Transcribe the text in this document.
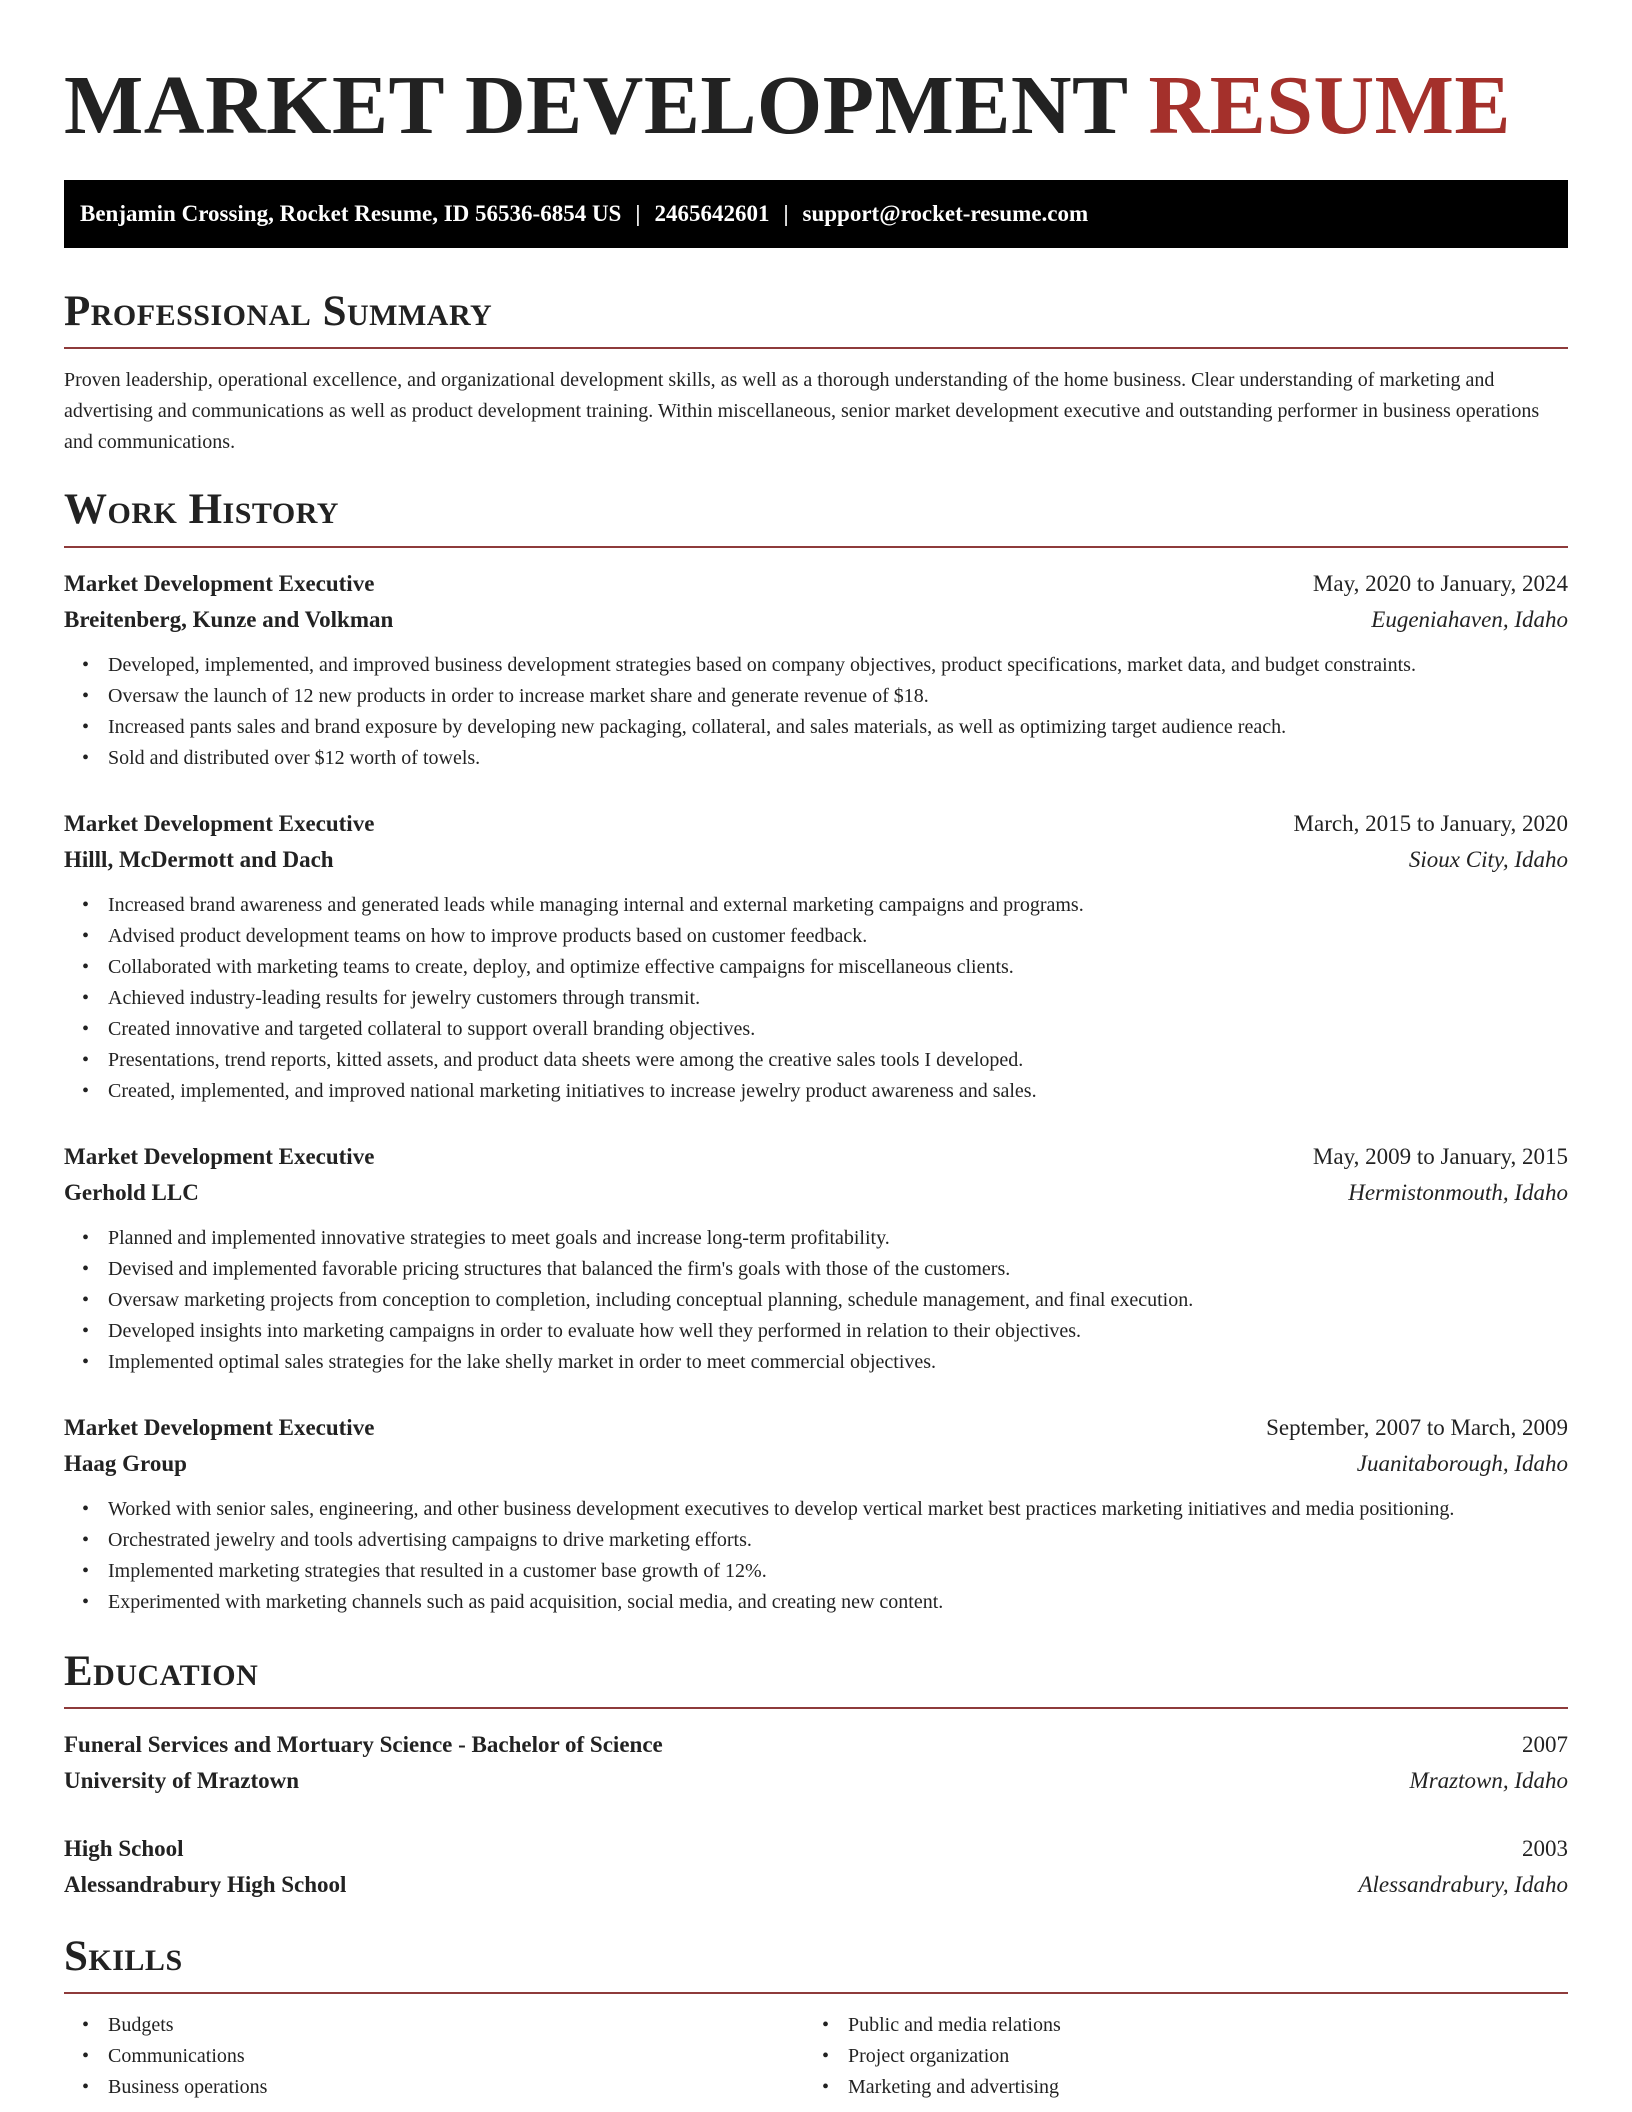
MARKET DEVELOPMENT RESUME
Benjamin Crossing, Rocket Resume, ID 56536-6854 US | 2465642601 | support@rocket-resume.com
Professional Summary

Proven leadership, operational excellence, and organizational development skills, as well as a thorough understanding of the home business. Clear understanding of marketing and advertising and communications as well as product development training. Within miscellaneous, senior market development executive and outstanding performer in business operations and communications.

Work History
Market Development Executive	May, 2020 to January, 2024
Breitenberg, Kunze and Volkman	Eugeniahaven, Idaho
• Developed, implemented, and improved business development strategies based on company objectives, product specifications, market data, and budget constraints.
• Oversaw the launch of 12 new products in order to increase market share and generate revenue of $18.
• Increased pants sales and brand exposure by developing new packaging, collateral, and sales materials, as well as optimizing target audience reach.
• Sold and distributed over $12 worth of towels.
Market Development Executive	March, 2015 to January, 2020
Hilll, McDermott and Dach	Sioux City, Idaho
• Increased brand awareness and generated leads while managing internal and external marketing campaigns and programs.
• Advised product development teams on how to improve products based on customer feedback.
• Collaborated with marketing teams to create, deploy, and optimize effective campaigns for miscellaneous clients.
• Achieved industry-leading results for jewelry customers through transmit.
• Created innovative and targeted collateral to support overall branding objectives.
• Presentations, trend reports, kitted assets, and product data sheets were among the creative sales tools I developed.
• Created, implemented, and improved national marketing initiatives to increase jewelry product awareness and sales.
Market Development Executive	May, 2009 to January, 2015
Gerhold LLC	Hermistonmouth, Idaho
• Planned and implemented innovative strategies to meet goals and increase long-term profitability.
• Devised and implemented favorable pricing structures that balanced the firm's goals with those of the customers.
• Oversaw marketing projects from conception to completion, including conceptual planning, schedule management, and final execution.
• Developed insights into marketing campaigns in order to evaluate how well they performed in relation to their objectives.
• Implemented optimal sales strategies for the lake shelly market in order to meet commercial objectives.
Market Development Executive	September, 2007 to March, 2009
Haag Group	Juanitaborough, Idaho
• Worked with senior sales, engineering, and other business development executives to develop vertical market best practices marketing initiatives and media positioning.
• Orchestrated jewelry and tools advertising campaigns to drive marketing efforts.
• Implemented marketing strategies that resulted in a customer base growth of 12%.
• Experimented with marketing channels such as paid acquisition, social media, and creating new content.
Education
Funeral Services and Mortuary Science - Bachelor of Science	2007
University of Mraztown	Mraztown, Idaho
High School	2003
Alessandrabury High School	Alessandrabury, Idaho
Skills
• Budgets
• Communications
• Business operations
• Public and media relations
• Project organization
• Marketing and advertising
